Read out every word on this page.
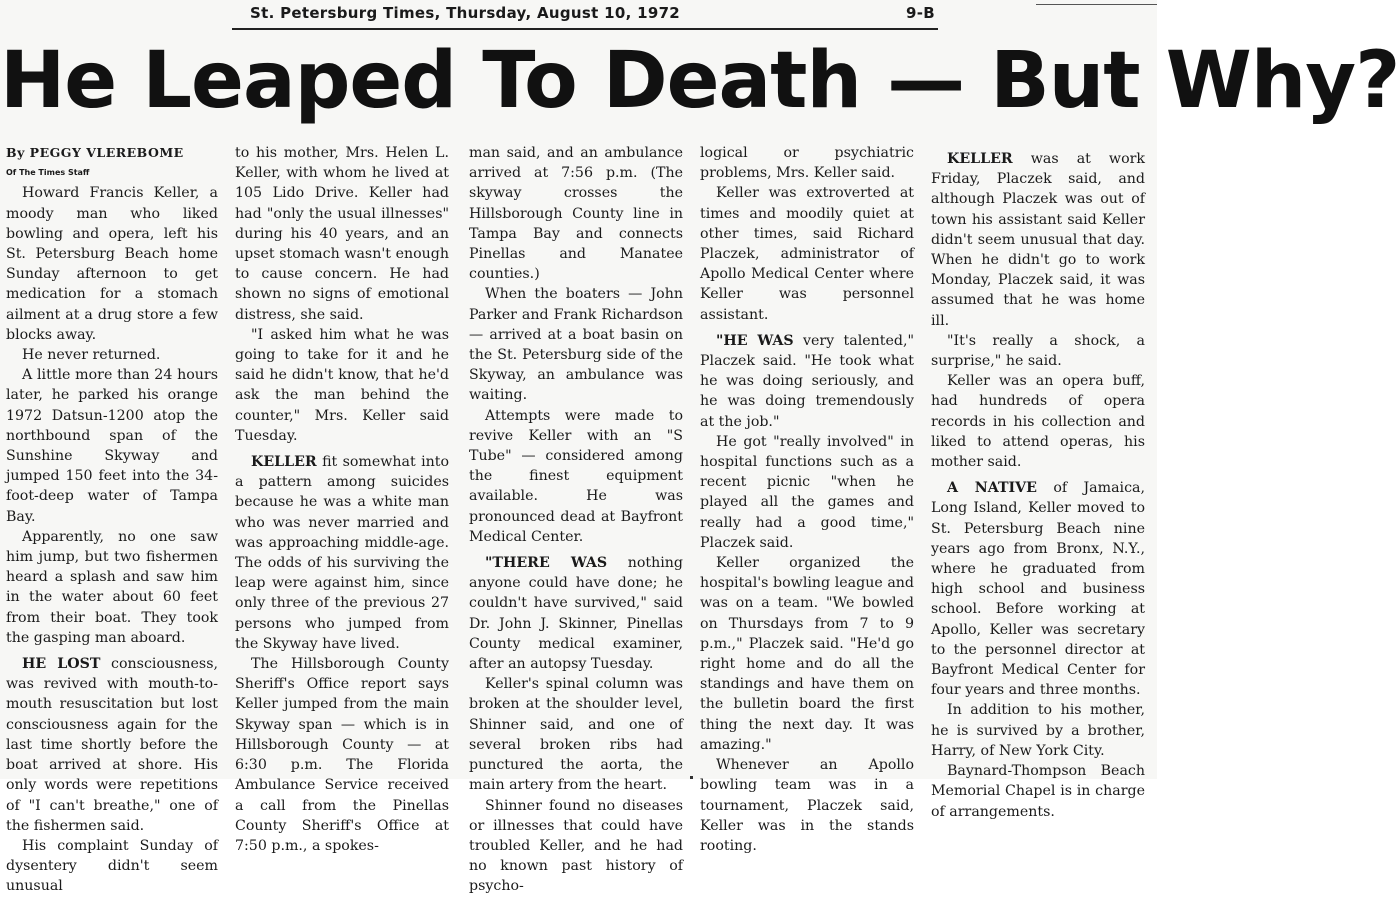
St. Petersburg Times, Thursday, August 10, 1972	9-B
He Leaped To Death — But Why?

By PEGGY VLEREBOME

Of The Times Staff

Howard Francis Keller, a moody man who liked bowling and opera, left his St. Petersburg Beach home Sunday afternoon to get medication for a stomach ailment at a drug store a few blocks away.

He never returned.

A little more than 24 hours later, he parked his orange 1972 Datsun-1200 atop the northbound span of the Sunshine Skyway and jumped 150 feet into the 34-foot-deep water of Tampa Bay.

Apparently, no one saw him jump, but two fishermen heard a splash and saw him in the water about 60 feet from their boat. They took the gasping man aboard.

HE LOST consciousness, was revived with mouth-to-mouth resuscitation but lost consciousness again for the last time shortly before the boat arrived at shore. His only words were repetitions of "I can't breathe," one of the fishermen said.

His complaint Sunday of dysentery didn't seem unusual

to his mother, Mrs. Helen L. Keller, with whom he lived at 105 Lido Drive. Keller had had "only the usual illnesses" during his 40 years, and an upset stomach wasn't enough to cause concern. He had shown no signs of emotional distress, she said.

"I asked him what he was going to take for it and he said he didn't know, that he'd ask the man behind the counter," Mrs. Keller said Tuesday.

KELLER fit somewhat into a pattern among suicides because he was a white man who was never married and was approaching middle-age. The odds of his surviving the leap were against him, since only three of the previous 27 persons who jumped from the Skyway have lived.

The Hillsborough County Sheriff's Office report says Keller jumped from the main Skyway span — which is in Hillsborough County — at 6:30 p.m. The Florida Ambulance Service received a call from the Pinellas County Sheriff's Office at 7:50 p.m., a spokes-

man said, and an ambulance arrived at 7:56 p.m. (The skyway crosses the Hillsborough County line in Tampa Bay and connects Pinellas and Manatee counties.)

When the boaters — John Parker and Frank Richardson — arrived at a boat basin on the St. Petersburg side of the Skyway, an ambulance was waiting.

Attempts were made to revive Keller with an "S Tube" — considered among the finest equipment available. He was pronounced dead at Bayfront Medical Center.

"THERE WAS nothing anyone could have done; he couldn't have survived," said Dr. John J. Skinner, Pinellas County medical examiner, after an autopsy Tuesday.

Keller's spinal column was broken at the shoulder level, Shinner said, and one of several broken ribs had punctured the aorta, the main artery from the heart.

Shinner found no diseases or illnesses that could have troubled Keller, and he had no known past history of psycho-

logical or psychiatric problems, Mrs. Keller said.

Keller was extroverted at times and moodily quiet at other times, said Richard Placzek, administrator of Apollo Medical Center where Keller was personnel assistant.

"HE WAS very talented," Placzek said. "He took what he was doing seriously, and he was doing tremendously at the job."

He got "really involved" in hospital functions such as a recent picnic "when he played all the games and really had a good time," Placzek said.

Keller organized the hospital's bowling league and was on a team. "We bowled on Thursdays from 7 to 9 p.m.," Placzek said. "He'd go right home and do all the standings and have them on the bulletin board the first thing the next day. It was amazing."

Whenever an Apollo bowling team was in a tournament, Placzek said, Keller was in the stands rooting.

KELLER was at work Friday, Placzek said, and although Placzek was out of town his assistant said Keller didn't seem unusual that day. When he didn't go to work Monday, Placzek said, it was assumed that he was home ill.

"It's really a shock, a surprise," he said.

Keller was an opera buff, had hundreds of opera records in his collection and liked to attend operas, his mother said.

A NATIVE of Jamaica, Long Island, Keller moved to St. Petersburg Beach nine years ago from Bronx, N.Y., where he graduated from high school and business school. Before working at Apollo, Keller was secretary to the personnel director at Bayfront Medical Center for four years and three months.

In addition to his mother, he is survived by a brother, Harry, of New York City.

Baynard-Thompson Beach Memorial Chapel is in charge of arrangements.
